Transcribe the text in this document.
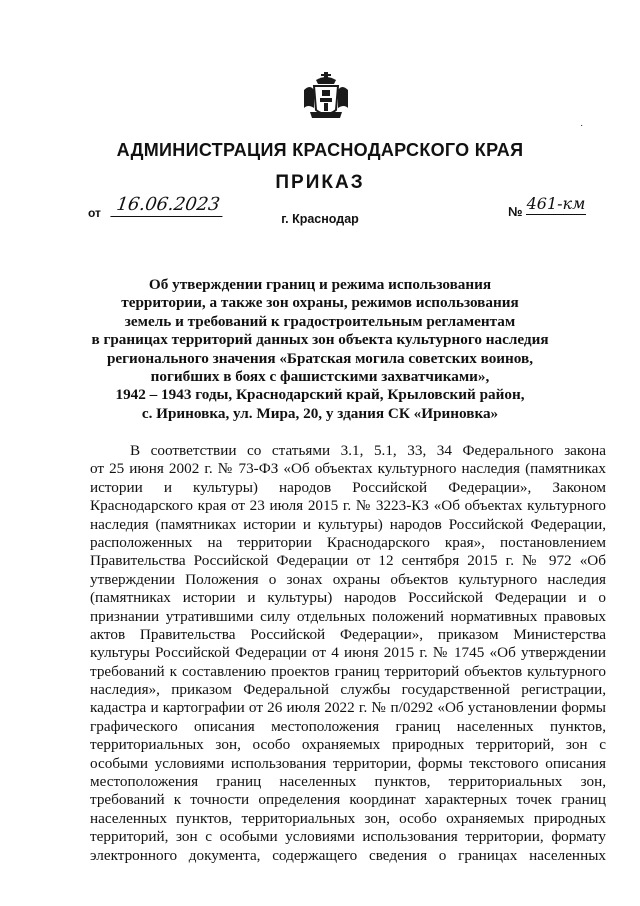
АДМИНИСТРАЦИЯ КРАСНОДАРСКОГО КРАЯ
ПРИКАЗ
˙
от 16.06.2023
г. Краснодар	№ 461-км
Об утверждении границ и режима использования
территории, а также зон охраны, режимов использования
земель и требований к градостроительным регламентам
в границах территорий данных зон объекта культурного наследия
регионального значения «Братская могила советских воинов,
погибших в боях с фашистскими захватчиками»,
1942 – 1943 годы, Краснодарский край, Крыловский район,
с. Ириновка, ул. Мира, 20, у здания СК «Ириновка»
В соответствии со статьями 3.1, 5.1, 33, 34 Федерального закона
от 25 июня 2002 г. № 73-ФЗ «Об объектах культурного наследия (памятниках
истории и культуры) народов Российской Федерации», Законом
Краснодарского края от 23 июля 2015 г. № 3223-КЗ «Об объектах культурного
наследия (памятниках истории и культуры) народов Российской Федерации,
расположенных на территории Краснодарского края», постановлением
Правительства Российской Федерации от 12 сентября 2015 г. № 972 «Об
утверждении Положения о зонах охраны объектов культурного наследия
(памятниках истории и культуры) народов Российской Федерации и о
признании утратившими силу отдельных положений нормативных правовых
актов Правительства Российской Федерации», приказом Министерства
культуры Российской Федерации от 4 июня 2015 г. № 1745 «Об утверждении
требований к составлению проектов границ территорий объектов культурного
наследия», приказом Федеральной службы государственной регистрации,
кадастра и картографии от 26 июля 2022 г. № п/0292 «Об установлении формы
графического описания местоположения границ населенных пунктов,
территориальных зон, особо охраняемых природных территорий, зон с
особыми условиями использования территории, формы текстового описания
местоположения границ населенных пунктов, территориальных зон,
требований к точности определения координат характерных точек границ
населенных пунктов, территориальных зон, особо охраняемых природных
территорий, зон с особыми условиями использования территории, формату
электронного документа, содержащего сведения о границах населенных
